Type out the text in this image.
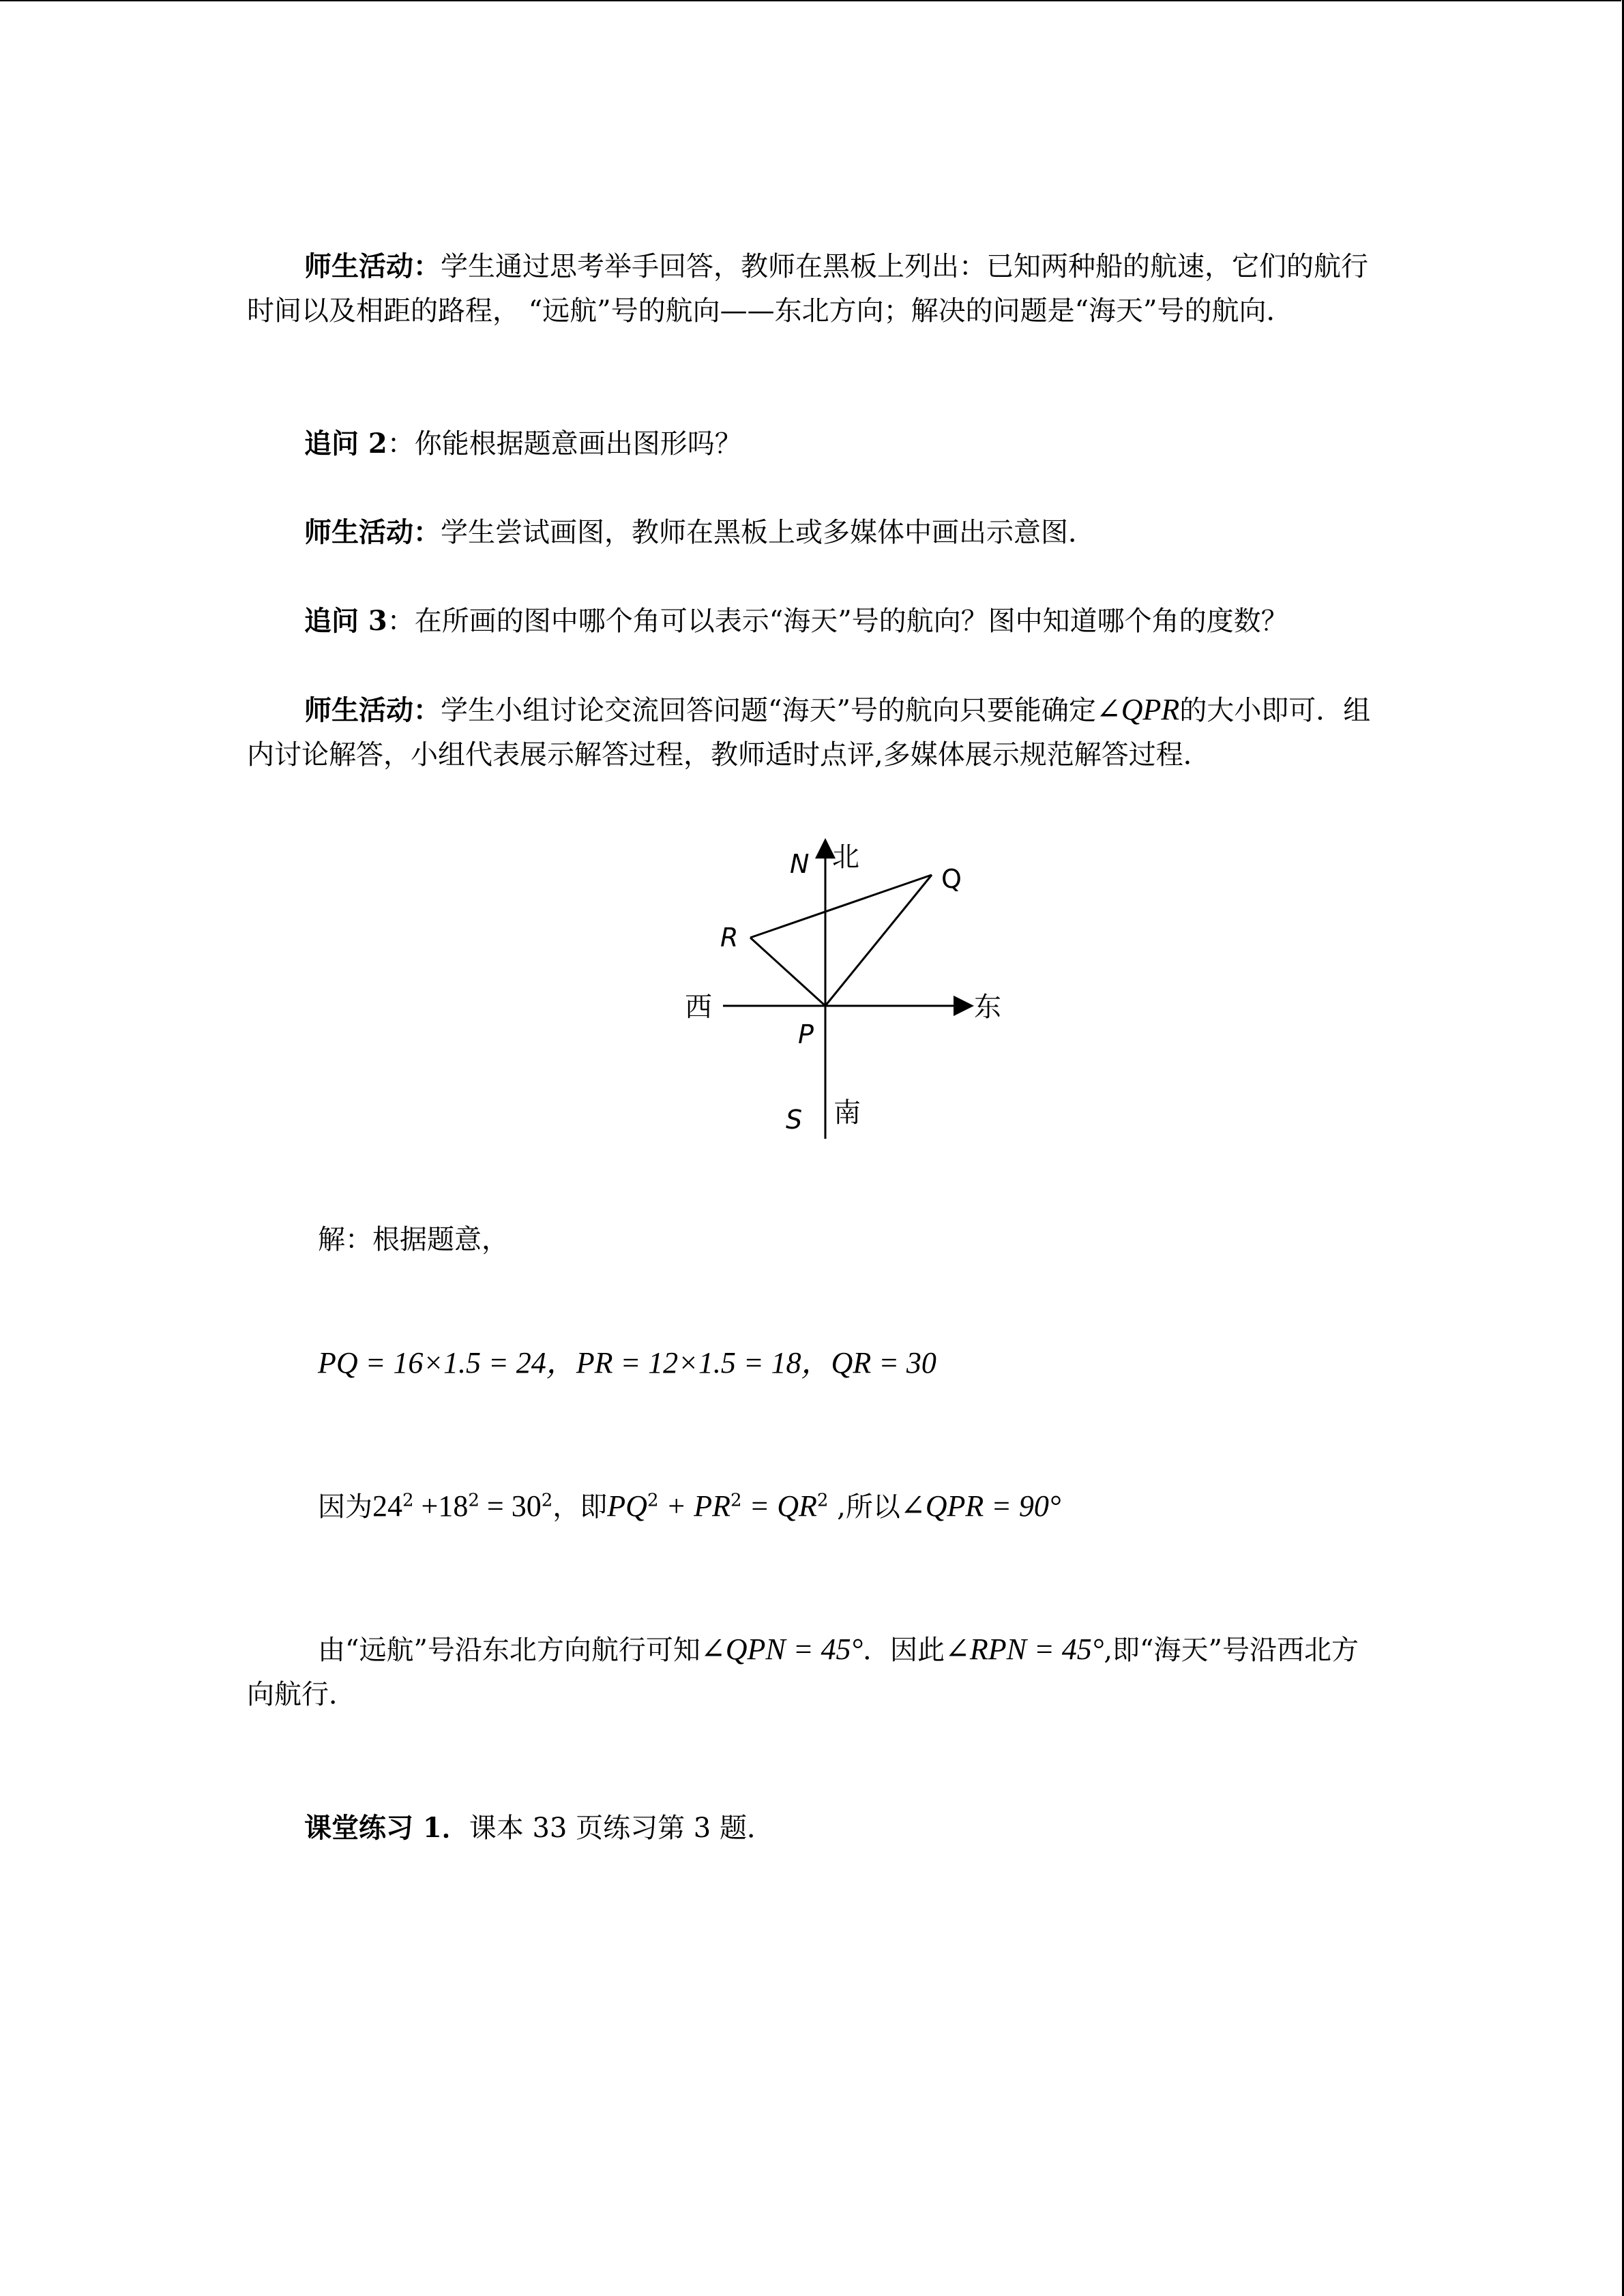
师生活动：学生通过思考举手回答，教师在黑板上列出：已知两种船的航速，它们的航行时间以及相距的路程， “远航”号的航向——东北方向；解决的问题是“海天”号的航向．
追问 2：你能根据题意画出图形吗？
师生活动：学生尝试画图，教师在黑板上或多媒体中画出示意图．
追问 3：在所画的图中哪个角可以表示“海天”号的航向？图中知道哪个角的度数？
师生活动：学生小组讨论交流回答问题“海天”号的航向只要能确定∠QPR的大小即可．组内讨论解答，小组代表展示解答过程，教师适时点评,多媒体展示规范解答过程．
N 北
Q
R
西	东
P
S 南
解：根据题意，
PQ = 16×1.5 = 24，PR = 12×1.5 = 18，QR = 30
因为$24^2 +18^2 = 30^2$，即$PQ^2 + PR^2 = QR^2$ ,所以∠QPR = 90°
由“远航”号沿东北方向航行可知∠QPN = 45°．因此∠RPN = 45°,即“海天”号沿西北方向航行．
课堂练习 1．课本 33 页练习第 3 题．
